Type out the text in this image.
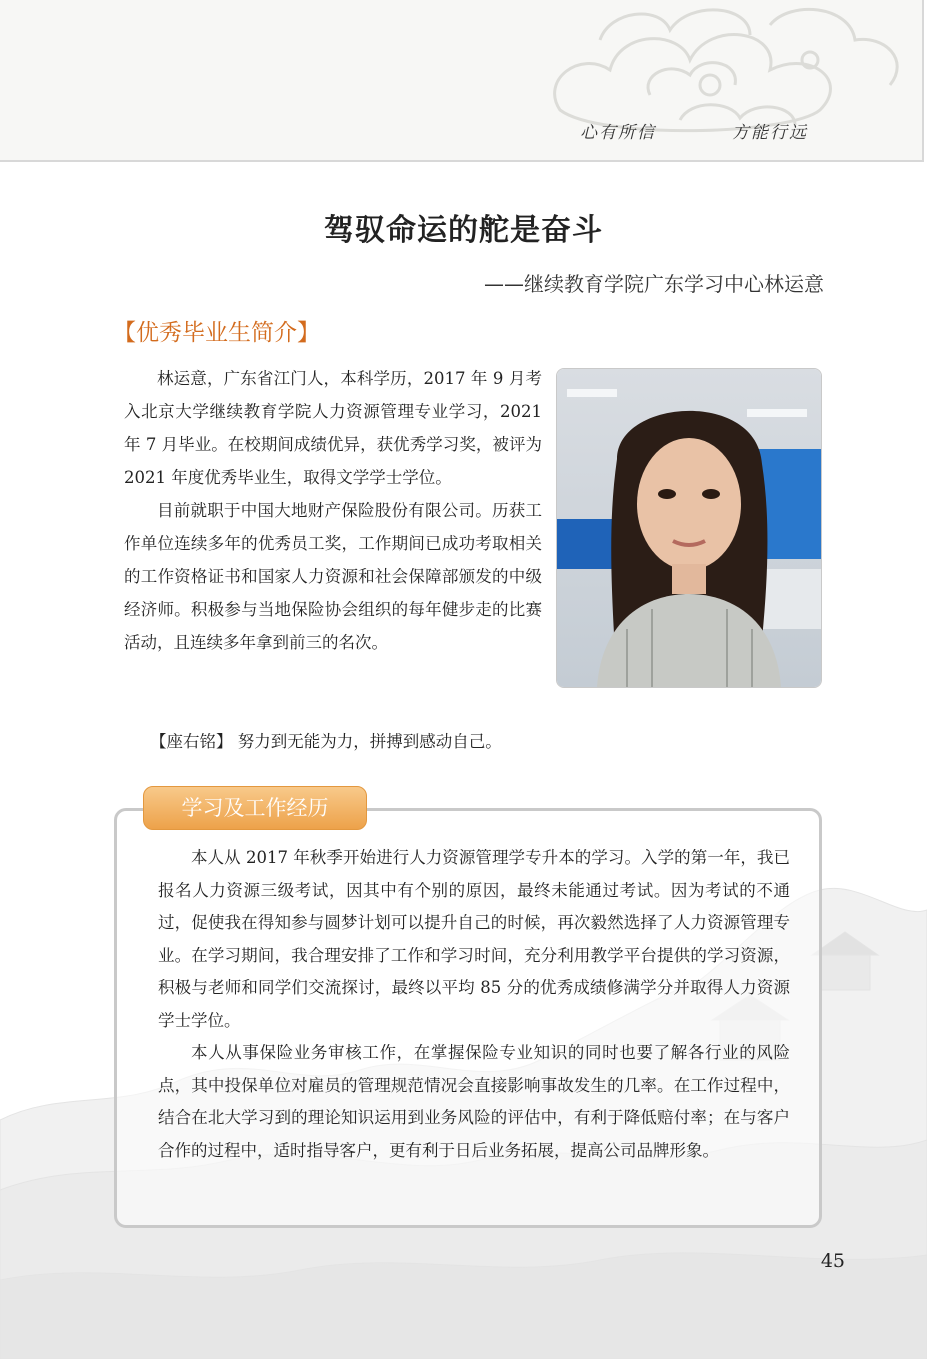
心有所信	方能行远
驾驭命运的舵是奋斗
——继续教育学院广东学习中心林运意
【优秀毕业生简介】

林运意，广东省江门人，本科学历，2017 年 9 月考入北京大学继续教育学院人力资源管理专业学习，2021 年 7 月毕业。在校期间成绩优异，获优秀学习奖，被评为 2021 年度优秀毕业生，取得文学学士学位。

目前就职于中国大地财产保险股份有限公司。历获工作单位连续多年的优秀员工奖，工作期间已成功考取相关的工作资格证书和国家人力资源和社会保障部颁发的中级经济师。积极参与当地保险协会组织的每年健步走的比赛活动，且连续多年拿到前三的名次。

【座右铭】 努力到无能为力，拼搏到感动自己。
学习及工作经历

本人从 2017 年秋季开始进行人力资源管理学专升本的学习。入学的第一年，我已报名人力资源三级考试，因其中有个别的原因，最终未能通过考试。因为考试的不通过，促使我在得知参与圆梦计划可以提升自己的时候，再次毅然选择了人力资源管理专业。在学习期间，我合理安排了工作和学习时间，充分利用教学平台提供的学习资源，积极与老师和同学们交流探讨，最终以平均 85 分的优秀成绩修满学分并取得人力资源学士学位。

本人从事保险业务审核工作，在掌握保险专业知识的同时也要了解各行业的风险点，其中投保单位对雇员的管理规范情况会直接影响事故发生的几率。在工作过程中，结合在北大学习到的理论知识运用到业务风险的评估中，有利于降低赔付率；在与客户合作的过程中，适时指导客户，更有利于日后业务拓展，提高公司品牌形象。

45
